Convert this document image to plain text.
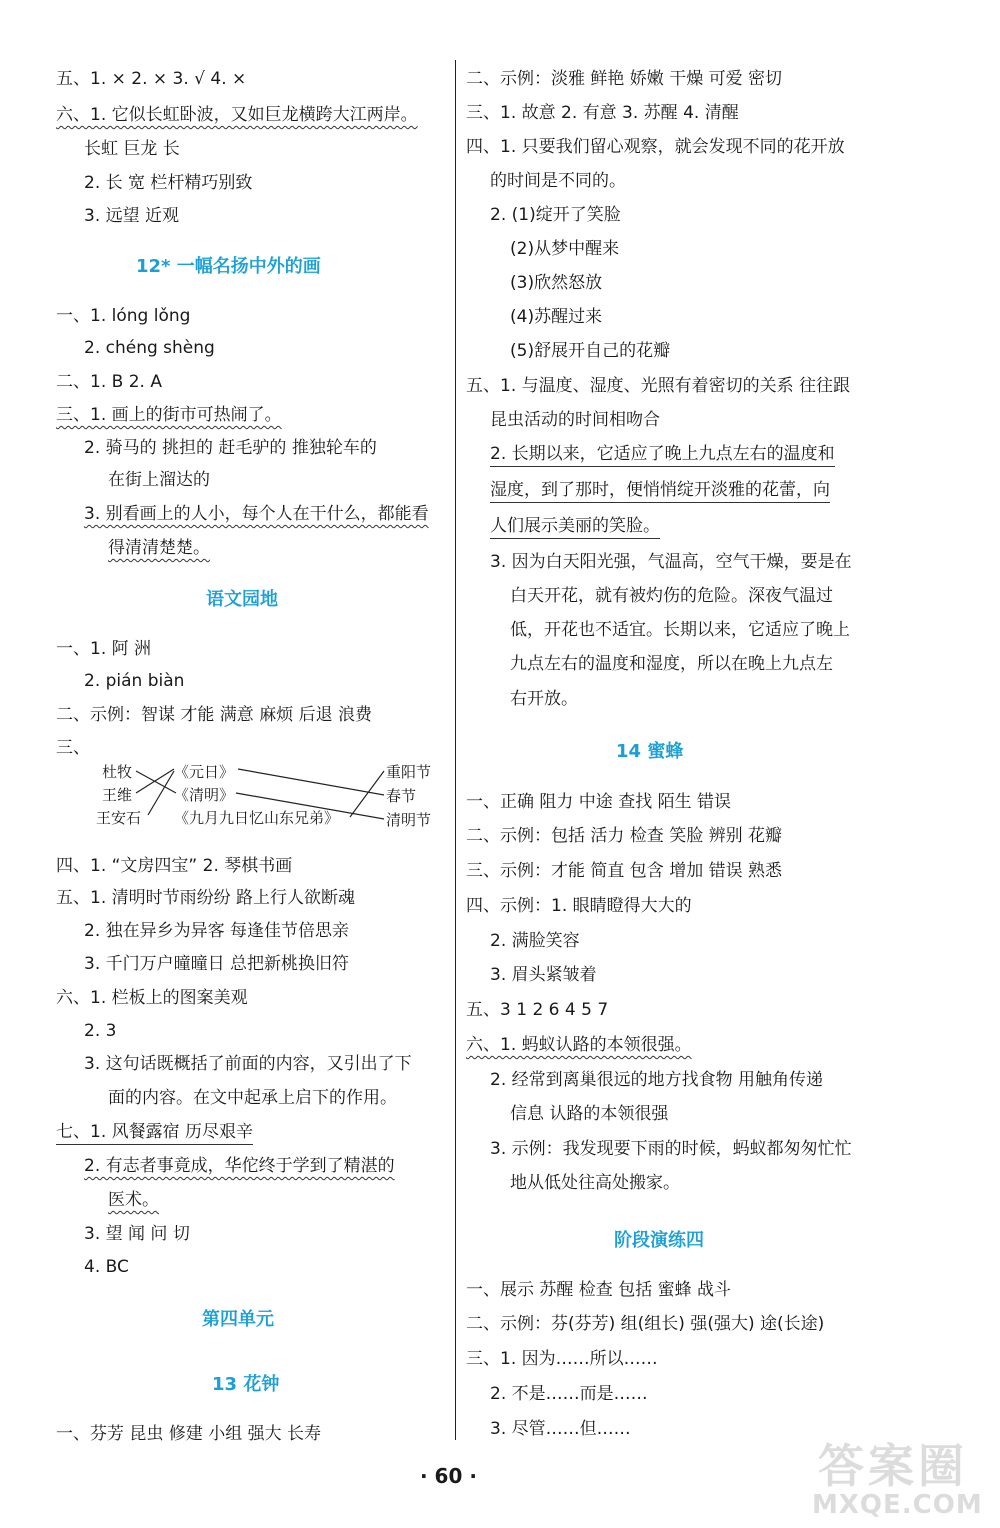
五、1. × 2. × 3. √ 4. ×
六、1. 它似长虹卧波，又如巨龙横跨大江两岸。
长虹 巨龙 长
2. 长 宽 栏杆精巧别致
3. 远望 近观
一、1. lóng lǒng
2. chéng shèng
二、1. B 2. A
三、1. 画上的街市可热闹了。
2. 骑马的 挑担的 赶毛驴的 推独轮车的
在街上溜达的
3. 别看画上的人小，每个人在干什么，都能看
得清清楚楚。
一、1. 阿 洲
2. pián biàn
二、示例：智谋 才能 满意 麻烦 后退 浪费
三、
四、1. “文房四宝” 2. 琴棋书画
五、1. 清明时节雨纷纷 路上行人欲断魂
2. 独在异乡为异客 每逢佳节倍思亲
3. 千门万户曈曈日 总把新桃换旧符
六、1. 栏板上的图案美观
2. 3
3. 这句话既概括了前面的内容，又引出了下
面的内容。在文中起承上启下的作用。
七、1. 风餐露宿 历尽艰辛
2. 有志者事竟成，华佗终于学到了精湛的
医术。
3. 望 闻 问 切
4. BC
一、芬芳 昆虫 修建 小组 强大 长寿
12* 一幅名扬中外的画
语文园地
第四单元
13 花钟
二、示例：淡雅 鲜艳 娇嫩 干燥 可爱 密切
三、1. 故意 2. 有意 3. 苏醒 4. 清醒
四、1. 只要我们留心观察，就会发现不同的花开放
的时间是不同的。
2. (1)绽开了笑脸
(2)从梦中醒来
(3)欣然怒放
(4)苏醒过来
(5)舒展开自己的花瓣
五、1. 与温度、湿度、光照有着密切的关系 往往跟
昆虫活动的时间相吻合
2. 长期以来，它适应了晚上九点左右的温度和
湿度，到了那时，便悄悄绽开淡雅的花蕾，向
人们展示美丽的笑脸。
3. 因为白天阳光强，气温高，空气干燥，要是在
白天开花，就有被灼伤的危险。深夜气温过
低，开花也不适宜。长期以来，它适应了晚上
九点左右的温度和湿度，所以在晚上九点左
右开放。
一、正确 阻力 中途 查找 陌生 错误
二、示例：包括 活力 检查 笑脸 辨别 花瓣
三、示例：才能 简直 包含 增加 错误 熟悉
四、示例：1. 眼睛瞪得大大的
2. 满脸笑容
3. 眉头紧皱着
五、3 1 2 6 4 5 7
六、1. 蚂蚁认路的本领很强。
2. 经常到离巢很远的地方找食物 用触角传递
信息 认路的本领很强
3. 示例：我发现要下雨的时候，蚂蚁都匆匆忙忙
地从低处往高处搬家。
一、展示 苏醒 检查 包括 蜜蜂 战斗
二、示例：芬(芬芳) 组(组长) 强(强大) 途(长途)
三、1. 因为……所以……
2. 不是……而是……
3. 尽管……但……
14 蜜蜂
阶段演练四
杜牧
王维
王安石
《元日》
《清明》
《九月九日忆山东兄弟》
重阳节
春节
清明节
· 60 ·	答案圈
MXQE.COM
